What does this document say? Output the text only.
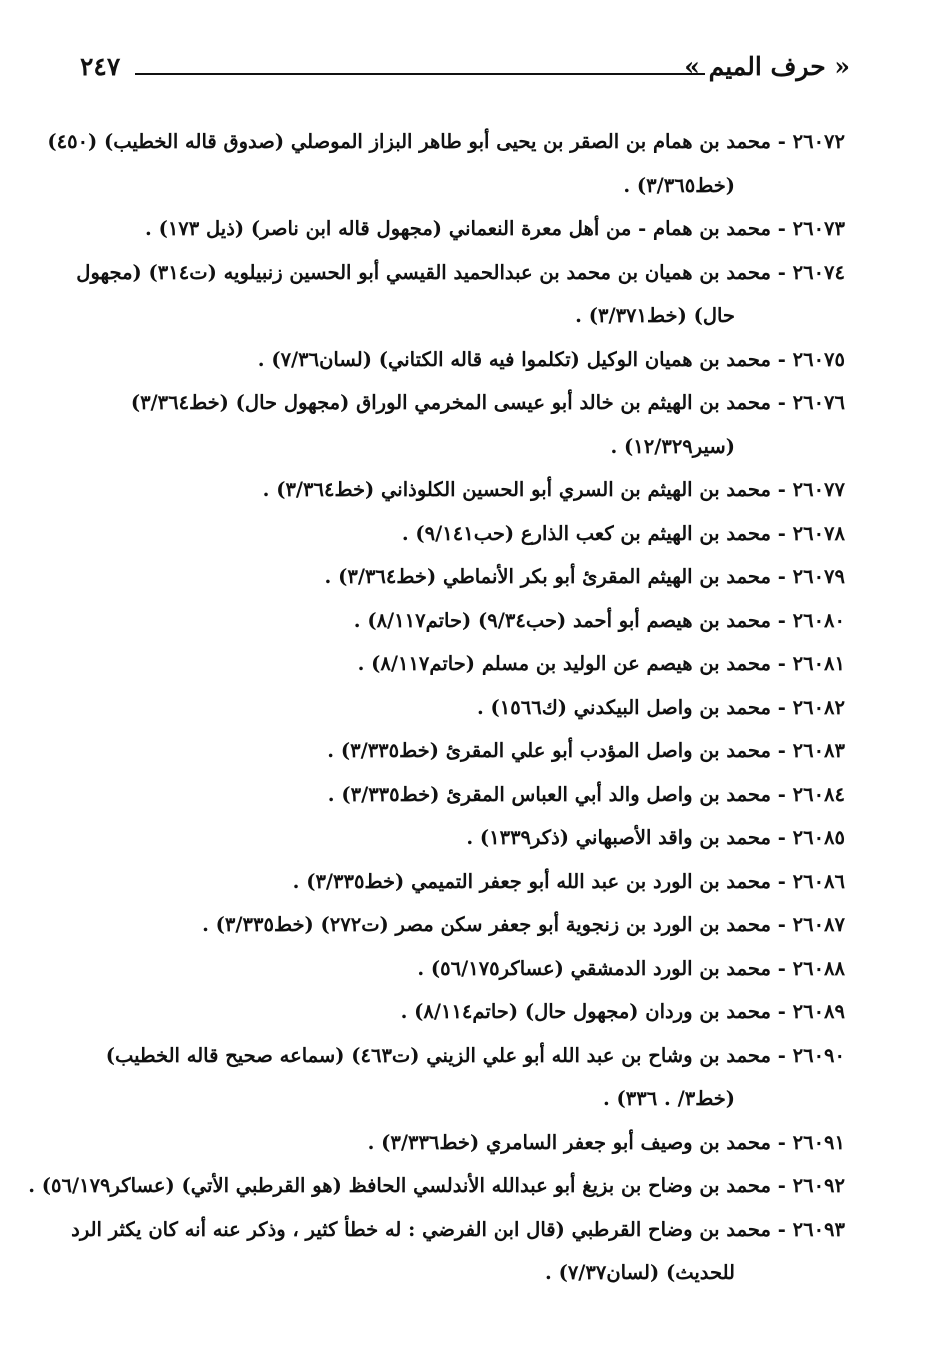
« حرف الميم »
٢٤٧
٢٦٠٧٢ - محمد بن همام بن الصقر بن يحيى أبو طاهر البزاز الموصلي (صدوق قاله الخطيب) (٤٥٠)
(خط٣/٣٦٥) .
٢٦٠٧٣ - محمد بن همام - من أهل معرة النعماني (مجهول قاله ابن ناصر) (ذيل ١٧٣) .
٢٦٠٧٤ - محمد بن هميان بن محمد بن عبدالحميد القيسي أبو الحسين زنبيلويه (ت٣١٤) (مجهول
حال) (خط٣/٣٧١) .
٢٦٠٧٥ - محمد بن هميان الوكيل (تكلموا فيه قاله الكتاني) (لسان٧/٣٦) .
٢٦٠٧٦ - محمد بن الهيثم بن خالد أبو عيسى المخرمي الوراق (مجهول حال) (خط٣/٣٦٤)
(سير١٢/٣٢٩) .
٢٦٠٧٧ - محمد بن الهيثم بن السري أبو الحسين الكلوذاني (خط٣/٣٦٤) .
٢٦٠٧٨ - محمد بن الهيثم بن كعب الذارع (حب٩/١٤١) .
٢٦٠٧٩ - محمد بن الهيثم المقرئ أبو بكر الأنماطي (خط٣/٣٦٤) .
٢٦٠٨٠ - محمد بن هيصم أبو أحمد (حب٩/٣٤) (حاتم٨/١١٧) .
٢٦٠٨١ - محمد بن هيصم عن الوليد بن مسلم (حاتم٨/١١٧) .
٢٦٠٨٢ - محمد بن واصل البيكدني (ك١٥٦٦) .
٢٦٠٨٣ - محمد بن واصل المؤدب أبو علي المقرئ (خط٣/٣٣٥) .
٢٦٠٨٤ - محمد بن واصل والد أبي العباس المقرئ (خط٣/٣٣٥) .
٢٦٠٨٥ - محمد بن واقد الأصبهاني (ذكر١٣٣٩) .
٢٦٠٨٦ - محمد بن الورد بن عبد الله أبو جعفر التميمي (خط٣/٣٣٥) .
٢٦٠٨٧ - محمد بن الورد بن زنجوية أبو جعفر سكن مصر (ت٢٧٢) (خط٣/٣٣٥) .
٢٦٠٨٨ - محمد بن الورد الدمشقي (عساكر٥٦/١٧٥) .
٢٦٠٨٩ - محمد بن وردان (مجهول حال) (حاتم٨/١١٤) .
٢٦٠٩٠ - محمد بن وشاح بن عبد الله أبو علي الزيني (ت٤٦٣) (سماعه صحيح قاله الخطيب)
(خط٣/ . ٣٣٦) .
٢٦٠٩١ - محمد بن وصيف أبو جعفر السامري (خط٣/٣٣٦) .
٢٦٠٩٢ - محمد بن وضاح بن بزيغ أبو عبدالله الأندلسي الحافظ (هو القرطبي الأتي) (عساكر٥٦/١٧٩) .
٢٦٠٩٣ - محمد بن وضاح القرطبي (قال ابن الفرضي : له خطأ كثير ، وذكر عنه أنه كان يكثر الرد
للحديث) (لسان٧/٣٧) .
